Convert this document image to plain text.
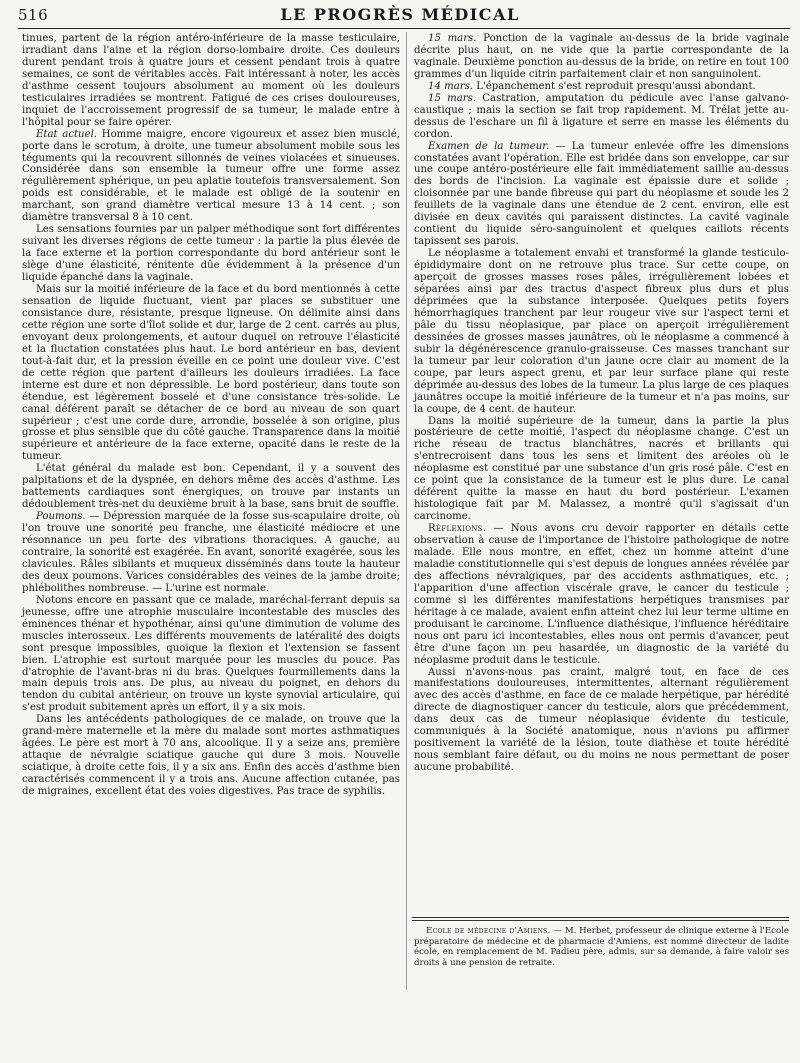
516	LE PROGRÈS MÉDICAL

tinues, partent de la région antéro-inférieure de la masse testiculaire, irradiant dans l'aine et la région dorso-lombaire droite. Ces douleurs durent pendant trois à quatre jours et cessent pendant trois à quatre semaines, ce sont de véritables accès. Fait intéressant à noter, les accès d'asthme cessent toujours absolument au moment où les douleurs testiculaires irradiées se montrent. Fatigué de ces crises douloureuses, inquiet de l'accroissement progressif de sa tumeur, le malade entre à l'hôpital pour se faire opérer.

Etat actuel. Homme maigre, encore vigoureux et assez bien musclé, porte dans le scrotum, à droite, une tumeur absolument mobile sous les téguments qui la recouvrent sillonnés de veines violacées et sinueuses. Considérée dans son ensemble la tumeur offre une forme assez régulièrement sphérique, un peu aplatie toutefois transversalement. Son poids est considérable, et le malade est obligé de la soutenir en marchant, son grand diamètre vertical mesure 13 à 14 cent. ; son diamètre transversal 8 à 10 cent.

Les sensations fournies par un palper méthodique sont fort différentes suivant les diverses régions de cette tumeur : la partie la plus élevée de la face externe et la portion correspondante du bord antérieur sont le siège d'une élasticité, rénitente dûe évidemment à la présence d'un liquide épanché dans la vaginale.

Mais sur la moitié inférieure de la face et du bord mentionnés à cette sensation de liquide fluctuant, vient par places se substituer une consistance dure, résistante, presque ligneuse. On délimite ainsi dans cette région une sorte d'îlot solide et dur, large de 2 cent. carrés au plus, envoyant deux prolongements, et autour duquel on retrouve l'élasticité et la fluctation constatées plus haut. Le bord antérieur en bas, devient tout-à-fait dur, et la pression éveille en ce point une douleur vive. C'est de cette région que partent d'ailleurs les douleurs irradiées. La face interne est dure et non dépressible. Le bord postérieur, dans toute son étendue, est légèrement bosselé et d'une consistance très-solide. Le canal déférent paraît se détacher de ce bord au niveau de son quart supérieur ; c'est une corde dure, arrondie, bosselée à son origine, plus grosse et plus sensible que du côté gauche. Transparence dans la moitié supérieure et antérieure de la face externe, opacité dans le reste de la tumeur.

L'état général du malade est bon. Cependant, il y a souvent des palpitations et de la dyspnée, en dehors même des accès d'asthme. Les battements cardiaques sont énergiques, on trouve par instants un dédoublement très-net du deuxième bruit à la base, sans bruit de souffle.

Poumons. — Dépression marquée de la fosse sus-scapulaire droite, où l'on trouve une sonorité peu franche, une élasticité médiocre et une résonnance un peu forte des vibrations thoraciques. A gauche, au contraire, la sonorité est exagérée. En avant, sonorité exagérée, sous les clavicules. Râles sibilants et muqueux disséminés dans toute la hauteur des deux poumons. Varices considérables des veines de la jambe droite; phlébolithes nombreuse. — L'urine est normale.

Notons encore en passant que ce malade, maréchal-ferrant depuis sa jeunesse, offre une atrophie musculaire incontestable des muscles des éminences thénar et hypothénar, ainsi qu'une diminution de volume des muscles interosseux. Les différents mouvements de latéralité des doigts sont presque impossibles, quoique la flexion et l'extension se fassent bien. L'atrophie est surtout marquée pour les muscles du pouce. Pas d'atrophie de l'avant-bras ni du bras. Quelques fourmillements dans la main depuis trois ans. De plus, au niveau du poignet, en dehors du tendon du cubital antérieur, on trouve un kyste synovial articulaire, qui s'est produit subitement après un effort, il y a six mois.

Dans les antécédents pathologiques de ce malade, on trouve que la grand-mère maternelle et la mère du malade sont mortes asthmatiques âgées. Le père est mort à 70 ans, alcoolique. Il y a seize ans, première attaque de névralgie sciatique gauche qui dure 3 mois. Nouvelle sciatique, à droite cette fois, il y a six ans. Enfin des accès d'asthme bien caractérisés commencent il y a trois ans. Aucune affection cutanée, pas de migraines, excellent état des voies digestives. Pas trace de syphilis.

15 mars. Ponction de la vaginale au-dessus de la bride vaginale décrite plus haut, on ne vide que la partie correspondante de la vaginale. Deuxième ponction au-dessus de la bride, on retire en tout 100 grammes d'un liquide citrin parfaitement clair et non sanguinolent.

14 mars. L'épanchement s'est reproduit presqu'aussi abondant.

15 mars. Castration, amputation du pédicule avec l'anse galvano-caustique ; mais la section se fait trop rapidement. M. Trélat jette au-dessus de l'eschare un fil à ligature et serre en masse les éléments du cordon.

Examen de la tumeur. — La tumeur enlevée offre les dimensions constatées avant l'opération. Elle est bridée dans son enveloppe, car sur une coupe antéro-postérieure elle fait immédiatement saillie au-dessus des bords de l'incision. La vaginale est épaissie dure et solide ; cloisonnée par une bande fibreuse qui part du néoplasme et soude les 2 feuillets de la vaginale dans une étendue de 2 cent. environ, elle est divisée en deux cavités qui paraissent distinctes. La cavité vaginale contient du liquide séro-sanguinolent et quelques caillots récents tapissent ses parois.

Le néoplasme a totalement envahi et transformé la glande testiculo-épididymaire dont on ne retrouve plus trace. Sur cette coupe, on aperçoit de grosses masses roses pâles, irrégulièrement lobées et séparées ainsi par des tractus d'aspect fibreux plus durs et plus déprimées que la substance interposée. Quelques petits foyers hémorrhagiques tranchent par leur rougeur vive sur l'aspect terni et pâle du tissu néoplasique, par place on aperçoit irrégulièrement dessinées de grosses masses jaunâtres, où le néoplasme a commencé à subir la dégénérescence granulo-graisseuse. Ces masses tranchant sur la tumeur par leur coloration d'un jaune ocre clair au moment de la coupe, par leurs aspect grenu, et par leur surface plane qui reste déprimée au-dessus des lobes de la tumeur. La plus large de ces plaques jaunâtres occupe la moitié inférieure de la tumeur et n'a pas moins, sur la coupe, de 4 cent. de hauteur.

Dans la moitié supérieure de la tumeur, dans la partie la plus postérieure de cette moitié, l'aspect du néoplasme change. C'est un riche réseau de tractus blanchâtres, nacrés et brillants qui s'entrecroisent dans tous les sens et limitent des aréoles où le néoplasme est constitué par une substance d'un gris rosé pâle. C'est en ce point que la consistance de la tumeur est le plus dure. Le canal déférent quitte la masse en haut du bord postérieur. L'examen histologique fait par M. Malassez, a montré qu'il s'agissait d'un carcinome.

Réflexions. — Nous avons cru devoir rapporter en détails cette observation à cause de l'importance de l'histoire pathologique de notre malade. Elle nous montre, en effet, chez un homme atteint d'une maladie constitutionnelle qui s'est depuis de longues années révélée par des affections névralgiques, par des accidents asthmatiques, etc. ; l'apparition d'une affection viscérale grave, le cancer du testicule ; comme si les différentes manifestations herpétiques transmises par héritage à ce malade, avaient enfin atteint chez lui leur terme ultime en produisant le carcinome. L'influence diathésique, l'influence héréditaire nous ont paru ici incontestables, elles nous ont permis d'avancer, peut être d'une façon un peu hasardée, un diagnostic de la variété du néoplasme produit dans le testicule.

Aussi n'avons-nous pas craint, malgré tout, en face de ces manifestations douloureuses, intermittentes, alternant régulièrement avec des accès d'asthme, en face de ce malade herpétique, par hérédité directe de diagnostiquer cancer du testicule, alors que précédemment, dans deux cas de tumeur néoplasique évidente du testicule, communiqués à la Société anatomique, nous n'avions pu affirmer positivement la variété de la lésion, toute diathèse et toute hérédité nous semblant faire défaut, ou du moins ne nous permettant de poser aucune probabilité.

Ecole de médecine d'Amiens. — M. Herbet, professeur de clinique externe à l'Ecole préparatoire de médecine et de pharmacie d'Amiens, est nommé directeur de ladite école, en remplacement de M. Padieu père, admis, sur sa demande, à faire valoir ses droits à une pension de retraite.
